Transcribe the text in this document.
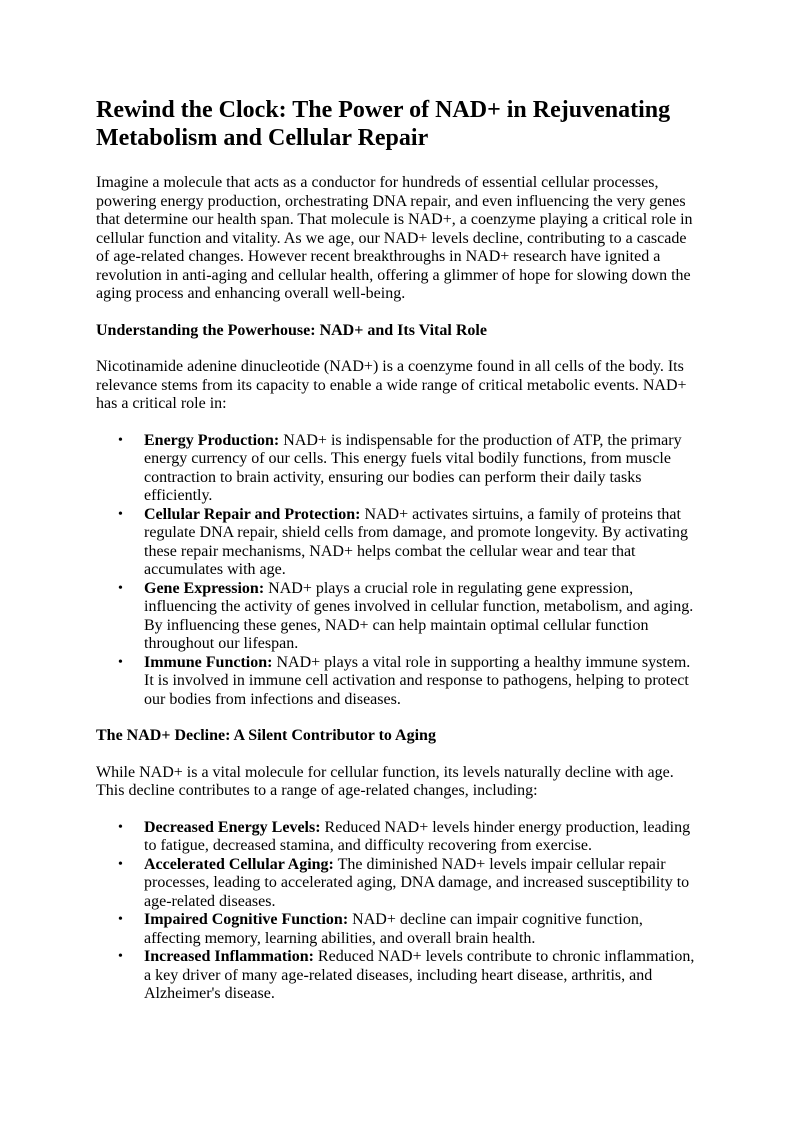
Rewind the Clock: The Power of NAD+ in Rejuvenating Metabolism and Cellular Repair

Imagine a molecule that acts as a conductor for hundreds of essential cellular processes, powering energy production, orchestrating DNA repair, and even influencing the very genes that determine our health span. That molecule is NAD+, a coenzyme playing a critical role in cellular function and vitality. As we age, our NAD+ levels decline, contributing to a cascade of age-related changes. However recent breakthroughs in NAD+ research have ignited a revolution in anti-aging and cellular health, offering a glimmer of hope for slowing down the aging process and enhancing overall well-being.

Understanding the Powerhouse: NAD+ and Its Vital Role

Nicotinamide adenine dinucleotide (NAD+) is a coenzyme found in all cells of the body. Its relevance stems from its capacity to enable a wide range of critical metabolic events. NAD+ has a critical role in:

• Energy Production: NAD+ is indispensable for the production of ATP, the primary energy currency of our cells. This energy fuels vital bodily functions, from muscle contraction to brain activity, ensuring our bodies can perform their daily tasks efficiently.
• Cellular Repair and Protection: NAD+ activates sirtuins, a family of proteins that regulate DNA repair, shield cells from damage, and promote longevity. By activating these repair mechanisms, NAD+ helps combat the cellular wear and tear that accumulates with age.
• Gene Expression: NAD+ plays a crucial role in regulating gene expression, influencing the activity of genes involved in cellular function, metabolism, and aging. By influencing these genes, NAD+ can help maintain optimal cellular function throughout our lifespan.
• Immune Function: NAD+ plays a vital role in supporting a healthy immune system. It is involved in immune cell activation and response to pathogens, helping to protect our bodies from infections and diseases.
The NAD+ Decline: A Silent Contributor to Aging

While NAD+ is a vital molecule for cellular function, its levels naturally decline with age. This decline contributes to a range of age-related changes, including:

• Decreased Energy Levels: Reduced NAD+ levels hinder energy production, leading to fatigue, decreased stamina, and difficulty recovering from exercise.
• Accelerated Cellular Aging: The diminished NAD+ levels impair cellular repair processes, leading to accelerated aging, DNA damage, and increased susceptibility to age-related diseases.
• Impaired Cognitive Function: NAD+ decline can impair cognitive function, affecting memory, learning abilities, and overall brain health.
• Increased Inflammation: Reduced NAD+ levels contribute to chronic inflammation, a key driver of many age-related diseases, including heart disease, arthritis, and Alzheimer's disease.
